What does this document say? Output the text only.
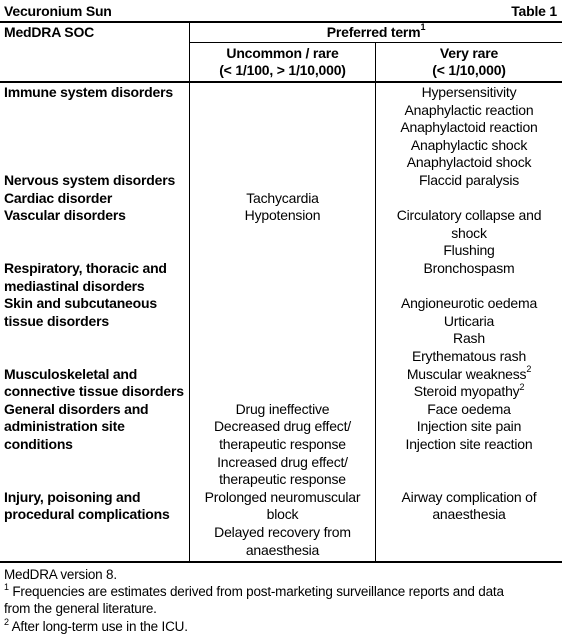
Vecuronium Sun	Table 1
MedDRA SOC	Preferred term$^1$
Uncommon / rare
(< 1/100, > 1/10,000)
Very rare
(< 1/10,000)
Immune system disorders
Nervous system disorders
Cardiac disorder
Vascular disorders
Respiratory, thoracic and
mediastinal disorders
Skin and subcutaneous
tissue disorders
Musculoskeletal and
connective tissue disorders
General disorders and
administration site
conditions
Injury, poisoning and
procedural complications
Tachycardia
Hypotension
Drug ineffective
Decreased drug effect/
therapeutic response
Increased drug effect/
therapeutic response
Prolonged neuromuscular
block
Delayed recovery from
anaesthesia
Hypersensitivity
Anaphylactic reaction
Anaphylactoid reaction
Anaphylactic shock
Anaphylactoid shock
Flaccid paralysis
Circulatory collapse and
shock
Flushing
Bronchospasm
Angioneurotic oedema
Urticaria
Rash
Erythematous rash
Muscular weakness$^2$
Steroid myopathy$^2$
Face oedema
Injection site pain
Injection site reaction
Airway complication of
anaesthesia
MedDRA version 8.
$^1$ Frequencies are estimates derived from post-marketing surveillance reports and data
from the general literature.
$^2$ After long-term use in the ICU.
